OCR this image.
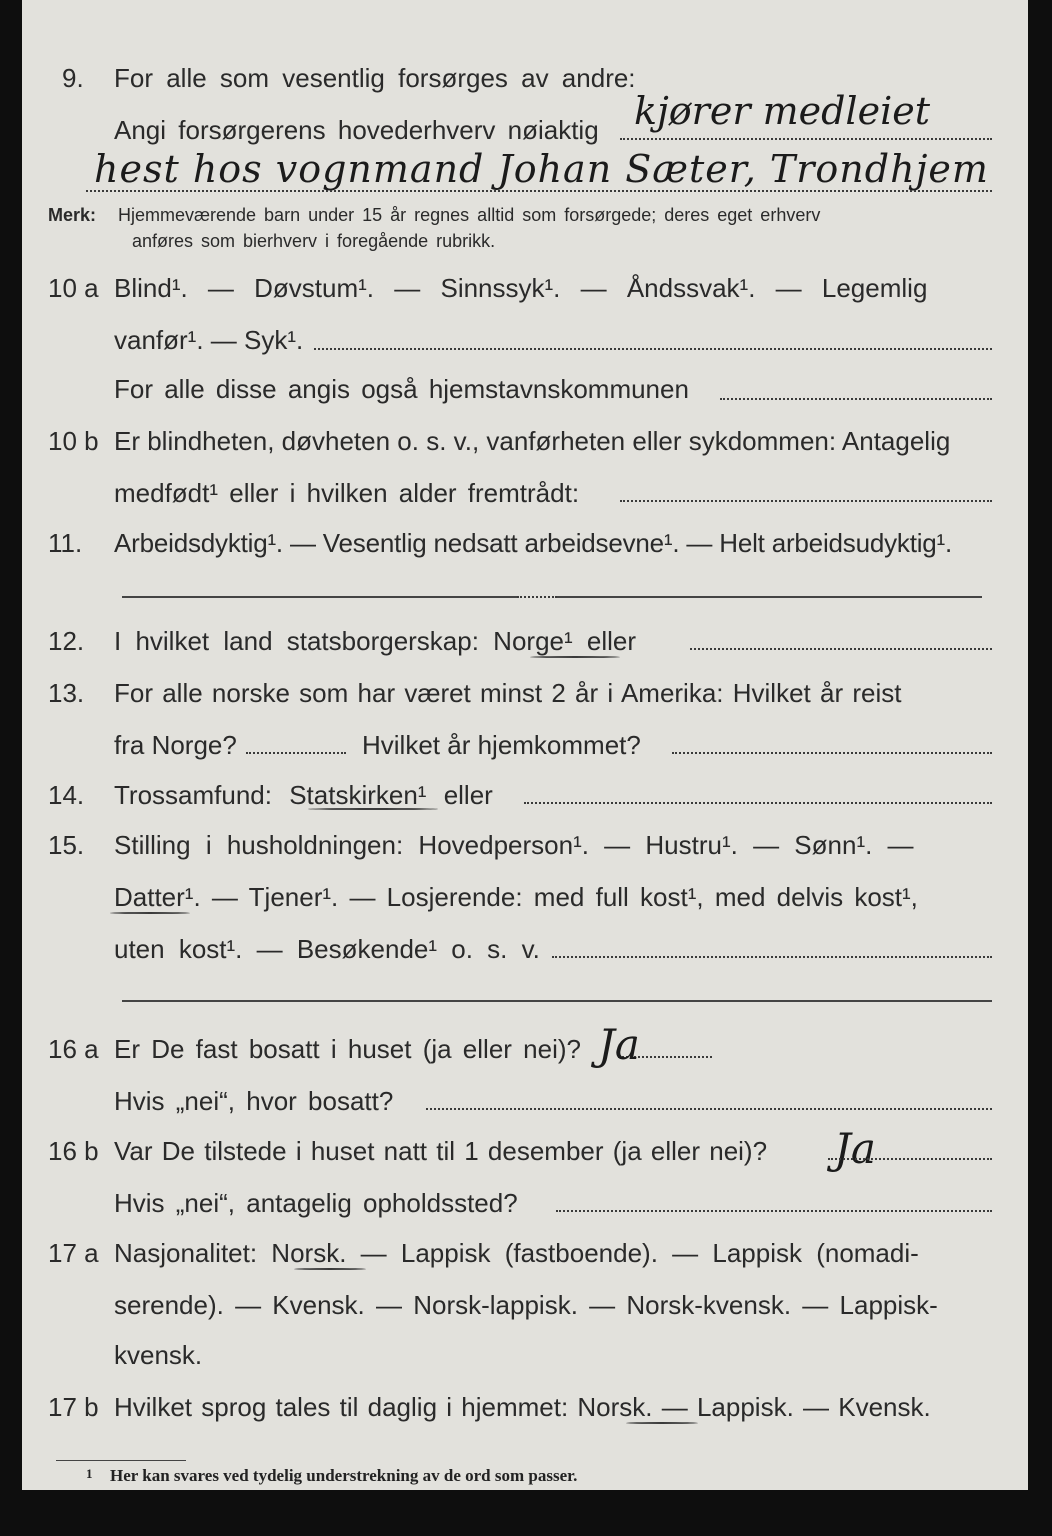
9. For alle som vesentlig forsørges av andre:
Angi forsørgerens hovederhverv nøiaktig kjører medleiet
hest hos vognmand Johan Sæter, Trondhjem
Merk: Hjemmeværende barn under 15 år regnes alltid som forsørgede; deres eget erhverv
anføres som bierhverv i foregående rubrikk.
10 a Blind¹. — Døvstum¹. — Sinnssyk¹. — Åndssvak¹. — Legemlig
vanfør¹. — Syk¹.
For alle disse angis også hjemstavnskommunen
10 b Er blindheten, døvheten o. s. v., vanførheten eller sykdommen: Antagelig
medfødt¹ eller i hvilken alder fremtrådt:
11. Arbeidsdyktig¹. — Vesentlig nedsatt arbeidsevne¹. — Helt arbeidsudyktig¹.
12. I hvilket land statsborgerskap: Norge¹ eller
13. For alle norske som har været minst 2 år i Amerika: Hvilket år reist
fra Norge?	Hvilket år hjemkommet?
14. Trossamfund: Statskirken¹ eller
15. Stilling i husholdningen: Hovedperson¹. — Hustru¹. — Sønn¹. —
Datter¹. — Tjener¹. — Losjerende: med full kost¹, med delvis kost¹,
uten kost¹. — Besøkende¹ o. s. v.
16 a Er De fast bosatt i huset (ja eller nei)? Ja
Hvis „nei“, hvor bosatt?
16 b Var De tilstede i huset natt til 1 desember (ja eller nei)? Ja
Hvis „nei“, antagelig opholdssted?
17 a Nasjonalitet: Norsk. — Lappisk (fastboende). — Lappisk (nomadi-
serende). — Kvensk. — Norsk-lappisk. — Norsk-kvensk. — Lappisk-
kvensk.
17 b Hvilket sprog tales til daglig i hjemmet: Norsk. — Lappisk. — Kvensk.
1 Her kan svares ved tydelig understrekning av de ord som passer.
